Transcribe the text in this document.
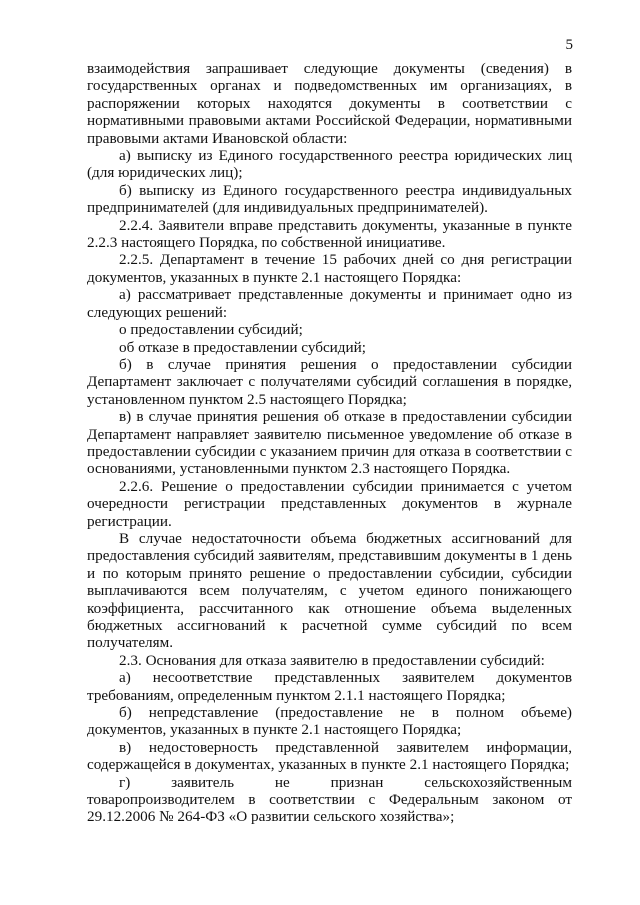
5

взаимодействия запрашивает следующие документы (сведения) в государственных органах и подведомственных им организациях, в распоряжении которых находятся документы в соответствии с нормативными правовыми актами Российской Федерации, нормативными правовыми актами Ивановской области:

а) выписку из Единого государственного реестра юридических лиц (для юридических лиц);

б) выписку из Единого государственного реестра индивидуальных предпринимателей (для индивидуальных предпринимателей).

2.2.4. Заявители вправе представить документы, указанные в пункте 2.2.3 настоящего Порядка, по собственной инициативе.

2.2.5. Департамент в течение 15 рабочих дней со дня регистрации документов, указанных в пункте 2.1 настоящего Порядка:

а) рассматривает представленные документы и принимает одно из следующих решений:

о предоставлении субсидий;

об отказе в предоставлении субсидий;

б) в случае принятия решения о предоставлении субсидии Департамент заключает с получателями субсидий соглашения в порядке, установленном пунктом 2.5 настоящего Порядка;

в) в случае принятия решения об отказе в предоставлении субсидии Департамент направляет заявителю письменное уведомление об отказе в предоставлении субсидии с указанием причин для отказа в соответствии с основаниями, установленными пунктом 2.3 настоящего Порядка.

2.2.6. Решение о предоставлении субсидии принимается с учетом очередности регистрации представленных документов в журнале регистрации.

В случае недостаточности объема бюджетных ассигнований для предоставления субсидий заявителям, представившим документы в 1 день и по которым принято решение о предоставлении субсидии, субсидии выплачиваются всем получателям, с учетом единого понижающего коэффициента, рассчитанного как отношение объема выделенных бюджетных ассигнований к расчетной сумме субсидий по всем получателям.

2.3. Основания для отказа заявителю в предоставлении субсидий:

а) несоответствие представленных заявителем документов требованиям, определенным пунктом 2.1.1 настоящего Порядка;

б) непредставление (предоставление не в полном объеме) документов, указанных в пункте 2.1 настоящего Порядка;

в) недостоверность представленной заявителем информации, содержащейся в документах, указанных в пункте 2.1 настоящего Порядка;

г) заявитель не признан сельскохозяйственным товаропроизводителем в соответствии с Федеральным законом от 29.12.2006 № 264-ФЗ «О развитии сельского хозяйства»;
